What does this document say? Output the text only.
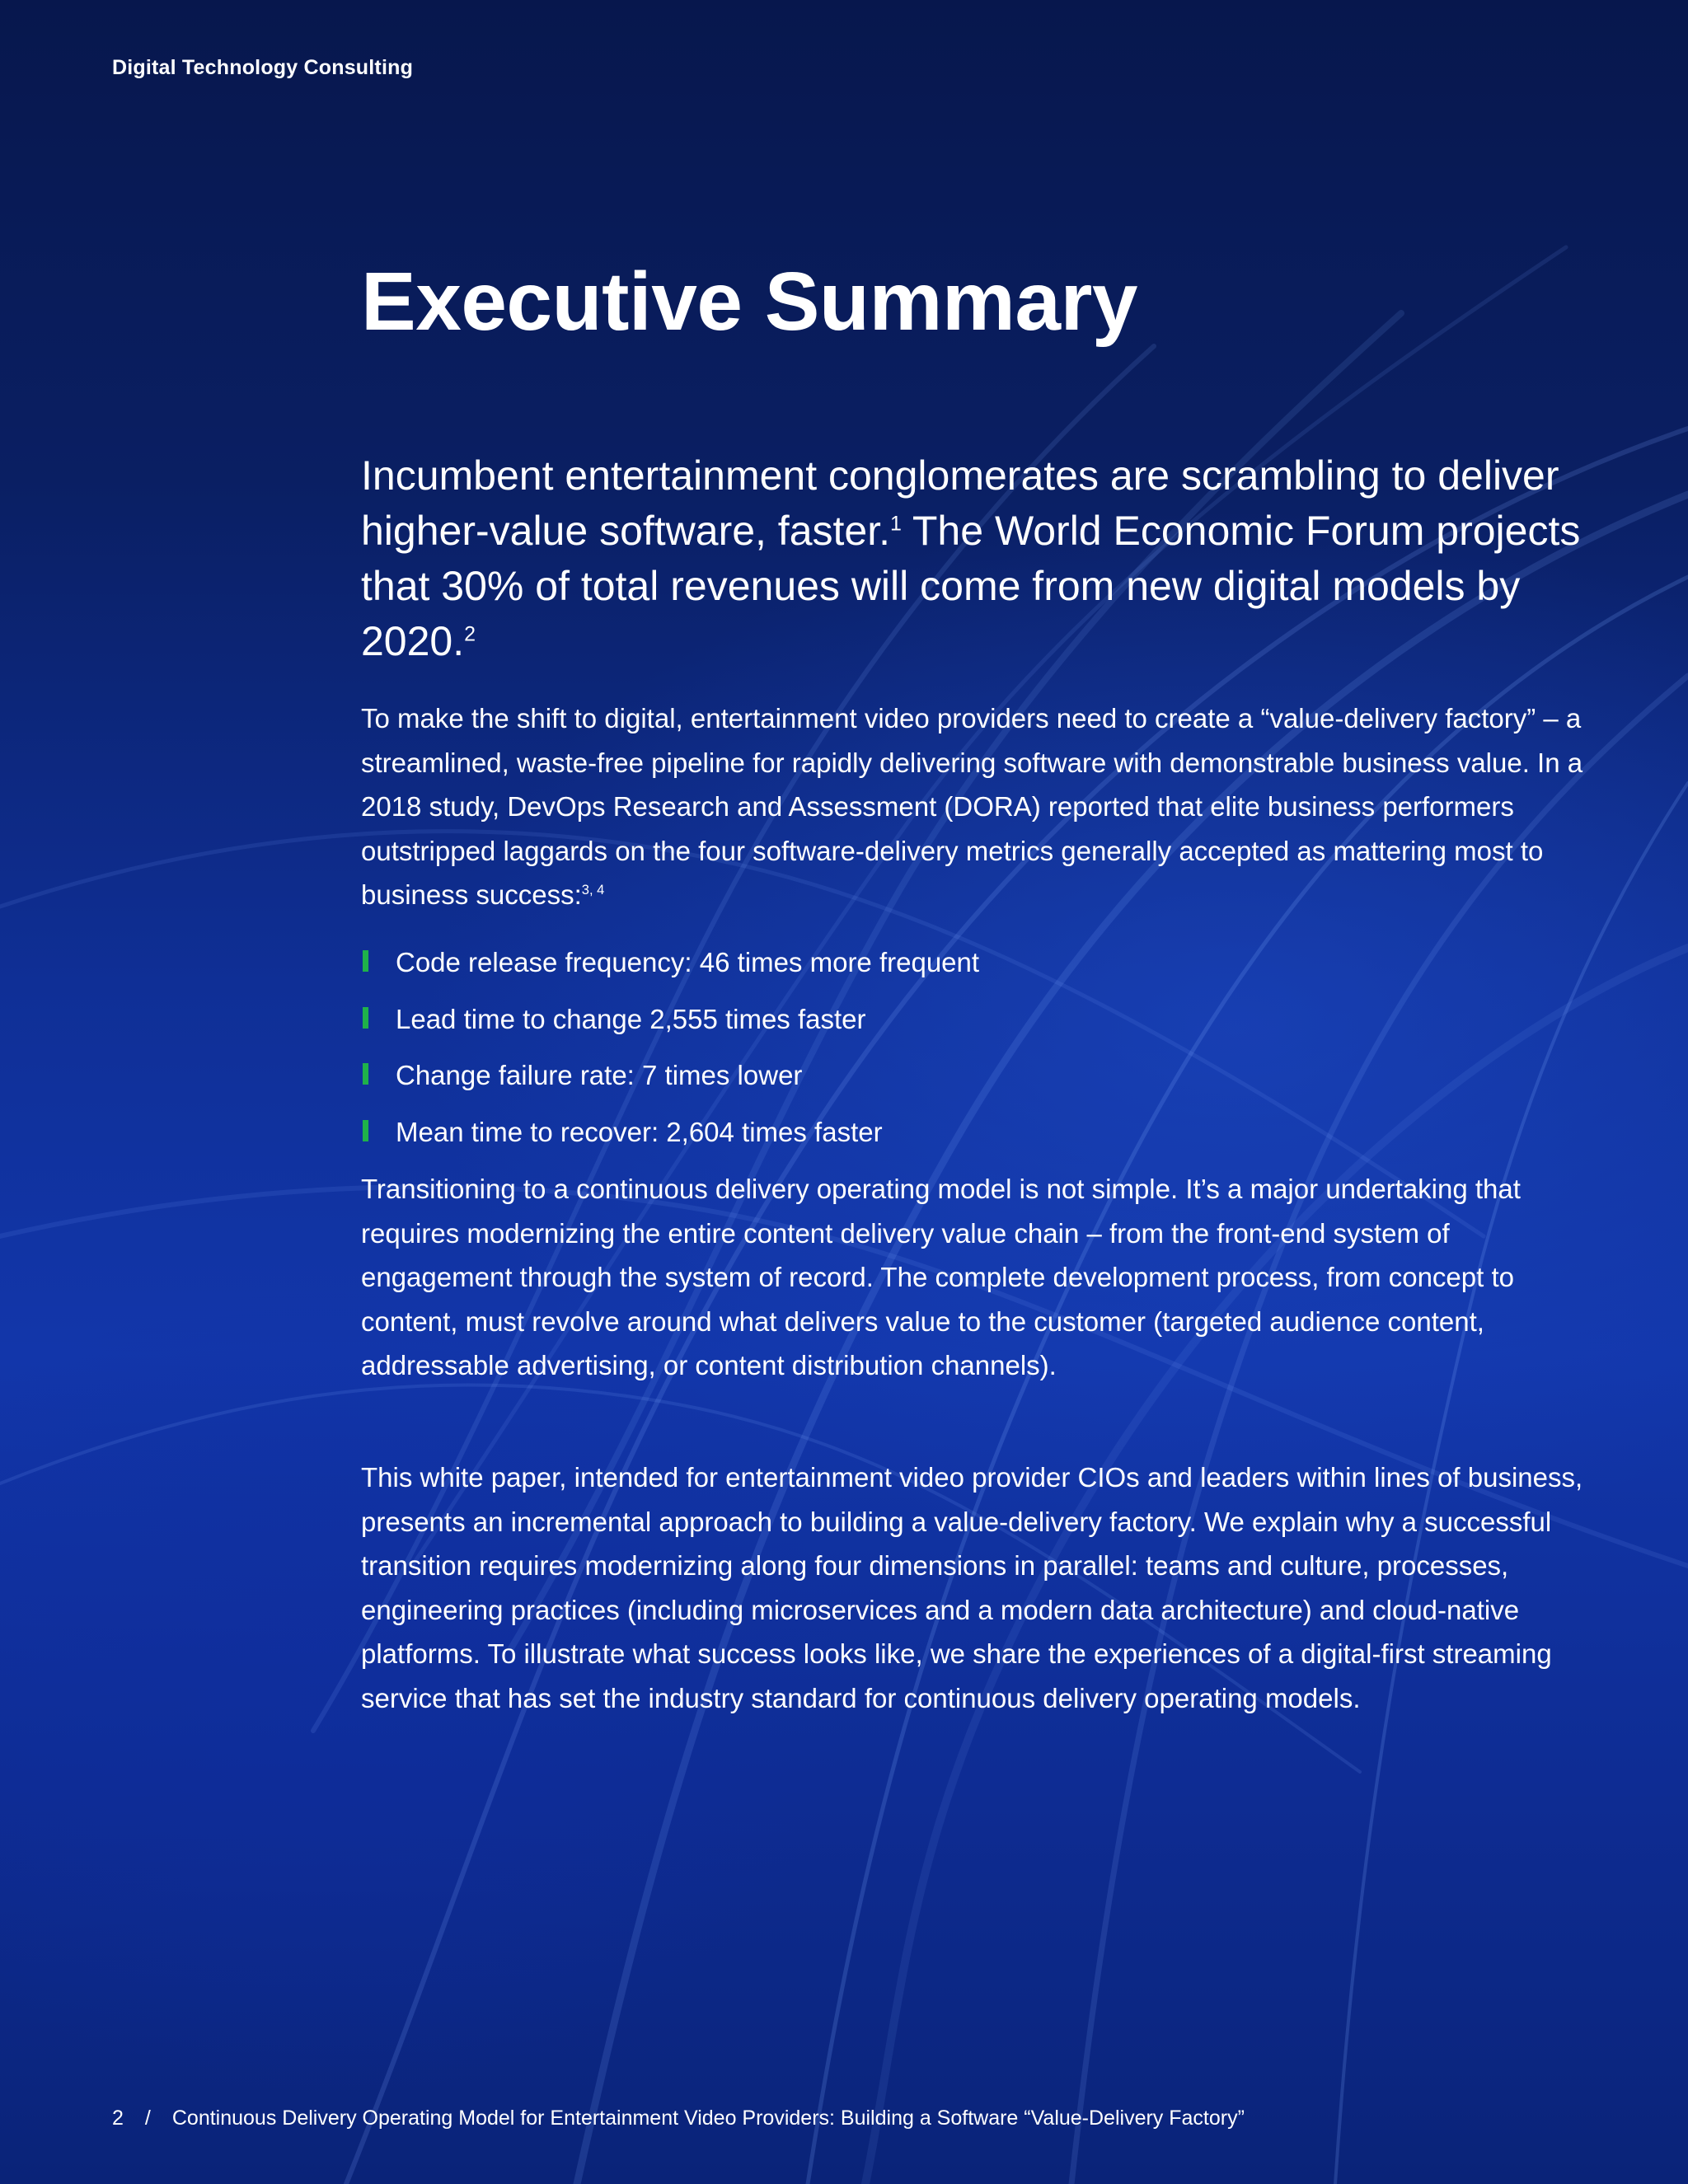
Digital Technology Consulting
Executive Summary

Incumbent entertainment conglomerates are scrambling to deliver higher-value software, faster.$^1$ The World Economic Forum projects that 30% of total revenues will come from new digital models by 2020.$^2$

To make the shift to digital, entertainment video providers need to create a “value-delivery factory” – a streamlined, waste-free pipeline for rapidly delivering software with demonstrable business value. In a 2018 study, DevOps Research and Assessment (DORA) reported that elite business performers outstripped laggards on the four software-delivery metrics generally accepted as mattering most to business success:$^{3, 4}$

Code release frequency: 46 times more frequent
Lead time to change 2,555 times faster
Change failure rate: 7 times lower
Mean time to recover: 2,604 times faster

Transitioning to a continuous delivery operating model is not simple. It’s a major undertaking that requires modernizing the entire content delivery value chain – from the front-end system of engagement through the system of record. The complete development process, from concept to content, must revolve around what delivers value to the customer (targeted audience content, addressable advertising, or content distribution channels).

This white paper, intended for entertainment video provider CIOs and leaders within lines of business, presents an incremental approach to building a value-delivery factory. We explain why a successful transition requires modernizing along four dimensions in parallel: teams and culture, processes, engineering practices (including microservices and a modern data architecture) and cloud-native platforms. To illustrate what success looks like, we share the experiences of a digital-first streaming service that has set the industry standard for continuous delivery operating models.

2 / Continuous Delivery Operating Model for Entertainment Video Providers: Building a Software “Value-Delivery Factory”
